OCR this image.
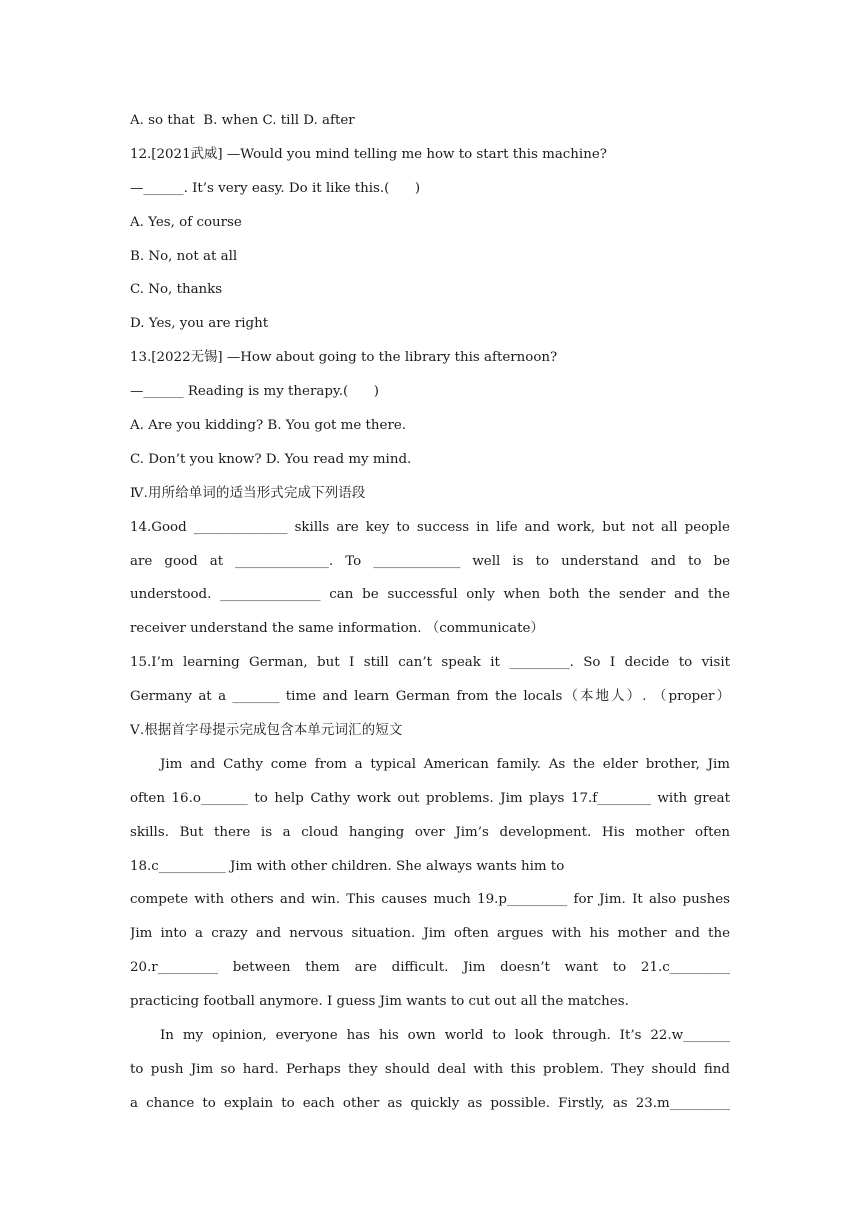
A. so that  B. when C. till D. after
12.[2021武威] —Would you mind telling me how to start this machine?
—______. It’s very easy. Do it like this.(      )
A. Yes, of course
B. No, not at all
C. No, thanks
D. Yes, you are right
13.[2022无锡] —How about going to the library this afternoon?
—______ Reading is my therapy.(      )
A. Are you kidding? B. You got me there.
C. Don’t you know? D. You read my mind.
Ⅳ.用所给单词的适当形式完成下列语段
14.Good ______________ skills are key to success in life and work, but not all people
are good at ______________. To _____________ well is to understand and to be
understood. _______________ can be successful only when both the sender and the
receiver understand the same information. （communicate）
15.I’m learning German, but I still can’t speak it _________. So I decide to visit
Germany at a _______ time and learn German from the locals（本地人）. （proper）
Ⅴ.根据首字母提示完成包含本单元词汇的短文
Jim and Cathy come from a typical American family. As the elder brother, Jim
often 16.o_______ to help Cathy work out problems. Jim plays 17.f________ with great
skills. But there is a cloud hanging over Jim’s development. His mother often
18.c__________ Jim with other children. She always wants him to
compete with others and win. This causes much 19.p_________ for Jim. It also pushes
Jim into a crazy and nervous situation. Jim often argues with his mother and the
20.r_________ between them are difficult. Jim doesn’t want to 21.c_________
practicing football anymore. I guess Jim wants to cut out all the matches.
In my opinion, everyone has his own world to look through. It’s 22.w_______
to push Jim so hard. Perhaps they should deal with this problem. They should find
a chance to explain to each other as quickly as possible. Firstly, as 23.m_________
